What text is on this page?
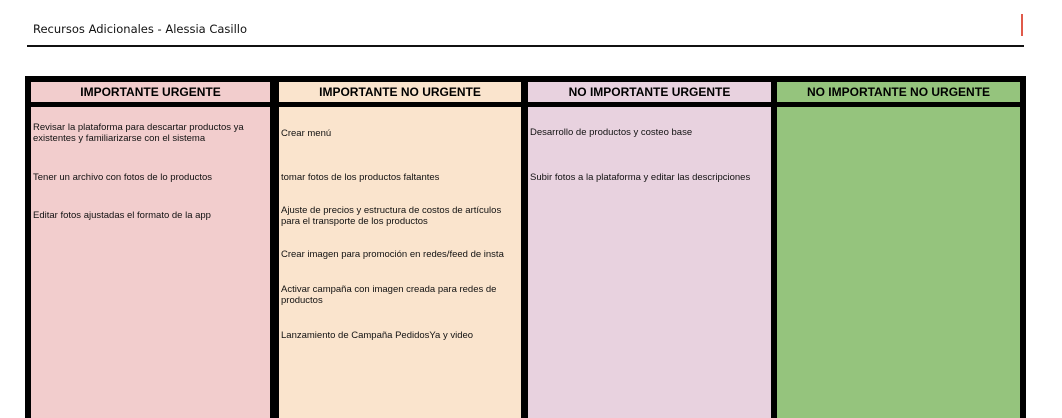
Recursos Adicionales - Alessia Casillo
IMPORTANTE URGENTE
Revisar la plataforma para descartar productos ya existentes y familiarizarse con el sistema
Tener un archivo con fotos de lo productos
Editar fotos ajustadas el formato de la app
IMPORTANTE NO URGENTE
Crear menú
tomar fotos de los productos faltantes
Ajuste de precios y estructura de costos de artículos para el transporte de los productos
Crear imagen para promoción en redes/feed de insta
Activar campaña con imagen creada para redes de productos
Lanzamiento de Campaña PedidosYa y video
NO IMPORTANTE URGENTE
Desarrollo de productos y costeo base
Subir fotos a la plataforma y editar las descripciones
NO IMPORTANTE NO URGENTE
